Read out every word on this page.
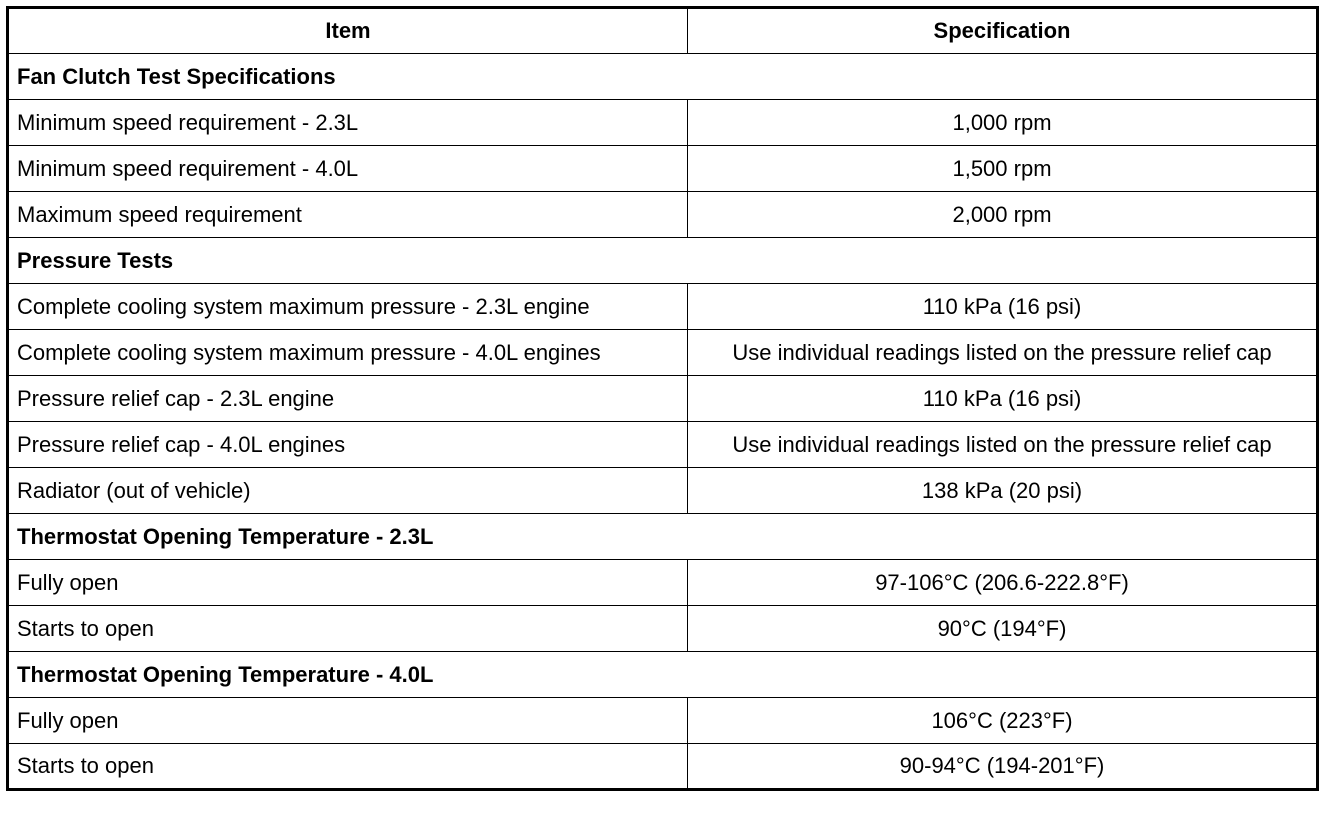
Item	Specification
Fan Clutch Test Specifications	
Minimum speed requirement - 2.3L	1,000 rpm
Minimum speed requirement - 4.0L	1,500 rpm
Maximum speed requirement	2,000 rpm
Pressure Tests	
Complete cooling system maximum pressure - 2.3L engine	110 kPa (16 psi)
Complete cooling system maximum pressure - 4.0L engines	Use individual readings listed on the pressure relief cap
Pressure relief cap - 2.3L engine	110 kPa (16 psi)
Pressure relief cap - 4.0L engines	Use individual readings listed on the pressure relief cap
Radiator (out of vehicle)	138 kPa (20 psi)
Thermostat Opening Temperature - 2.3L	
Fully open	97-106°C (206.6-222.8°F)
Starts to open	90°C (194°F)
Thermostat Opening Temperature - 4.0L	
Fully open	106°C (223°F)
Starts to open	90-94°C (194-201°F)
